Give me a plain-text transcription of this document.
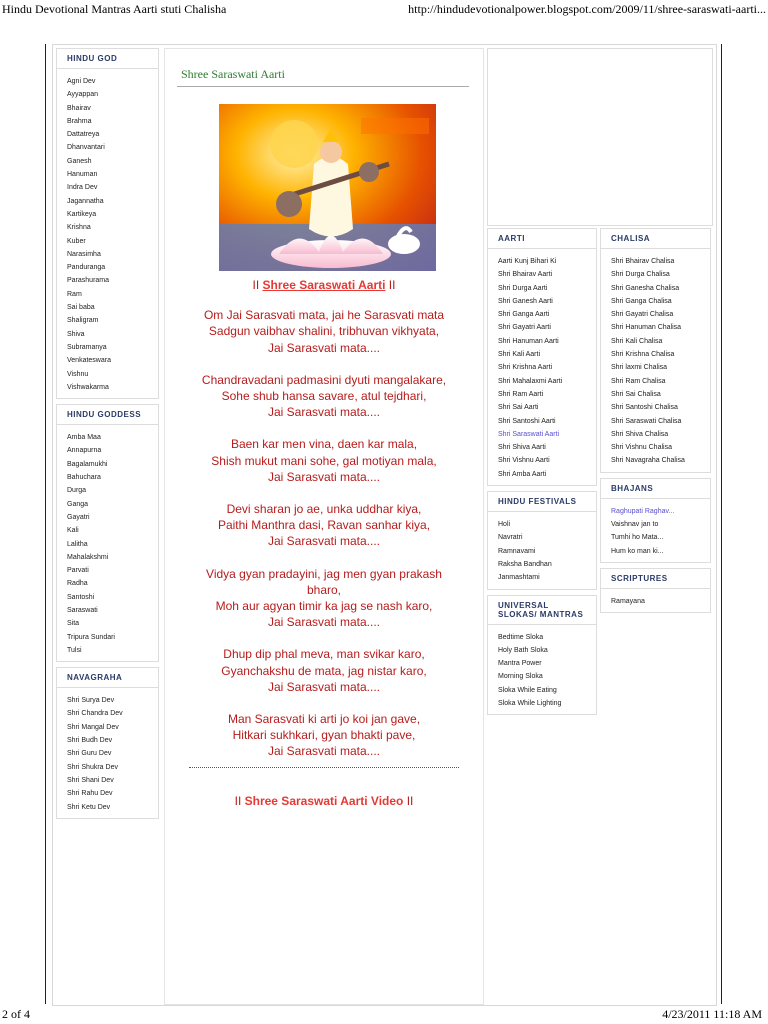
Hindu Devotional Mantras Aarti stuti Chalisha	http://hindudevotionalpower.blogspot.com/2009/11/shree-saraswati-aarti...
HINDU GOD
Agni Dev
Ayyappan
Bhairav
Brahma
Dattatreya
Dhanvantari
Ganesh
Hanuman
Indra Dev
Jagannatha
Kartikeya
Krishna
Kuber
Narasimha
Panduranga
Parashurama
Ram
Sai baba
Shaligram
Shiva
Subramanya
Venkateswara
Vishnu
Vishwakarma
HINDU GODDESS
Amba Maa
Annapurna
Bagalamukhi
Bahuchara
Durga
Ganga
Gayatri
Kali
Lalitha
Mahalakshmi
Parvati
Radha
Santoshi
Saraswati
Sita
Tripura Sundari
Tulsi
NAVAGRAHA
Shri Surya Dev
Shri Chandra Dev
Shri Mangal Dev
Shri Budh Dev
Shri Guru Dev
Shri Shukra Dev
Shri Shani Dev
Shri Rahu Dev
Shri Ketu Dev
Shree Saraswati Aarti
II Shree Saraswati Aarti II

Om Jai Sarasvati mata, jai he Sarasvati mata
Sadgun vaibhav shalini, tribhuvan vikhyata,
Jai Sarasvati mata....

Chandravadani padmasini dyuti mangalakare,
Sohe shub hansa savare, atul tejdhari,
Jai Sarasvati mata....

Baen kar men vina, daen kar mala,
Shish mukut mani sohe, gal motiyan mala,
Jai Sarasvati mata....

Devi sharan jo ae, unka uddhar kiya,
Paithi Manthra dasi, Ravan sanhar kiya,
Jai Sarasvati mata....

Vidya gyan pradayini, jag men gyan prakash bharo,
Moh aur agyan timir ka jag se nash karo,
Jai Sarasvati mata....

Dhup dip phal meva, man svikar karo,
Gyanchakshu de mata, jag nistar karo,
Jai Sarasvati mata....

Man Sarasvati ki arti jo koi jan gave,
Hitkari sukhkari, gyan bhakti pave,
Jai Sarasvati mata....

II Shree Saraswati Aarti Video II
AARTI
Aarti Kunj Bihari Ki
Shri Bhairav Aarti
Shri Durga Aarti
Shri Ganesh Aarti
Shri Ganga Aarti
Shri Gayatri Aarti
Shri Hanuman Aarti
Shri Kali Aarti
Shri Krishna Aarti
Shri Mahalaxmi Aarti
Shri Ram Aarti
Shri Sai Aarti
Shri Santoshi Aarti
Shri Saraswati Aarti
Shri Shiva Aarti
Shri Vishnu Aarti
Shri Amba Aarti
HINDU FESTIVALS
Holi
Navratri
Ramnavami
Raksha Bandhan
Janmashtami
UNIVERSAL SLOKAS/ MANTRAS
Bedtime Sloka
Holy Bath Sloka
Mantra Power
Morning Sloka
Sloka While Eating
Sloka While Lighting
CHALISA
Shri Bhairav Chalisa
Shri Durga Chalisa
Shri Ganesha Chalisa
Shri Ganga Chalisa
Shri Gayatri Chalisa
Shri Hanuman Chalisa
Shri Kali Chalisa
Shri Krishna Chalisa
Shri laxmi Chalisa
Shri Ram Chalisa
Shri Sai Chalisa
Shri Santoshi Chalisa
Shri Saraswati Chalisa
Shri Shiva Chalisa
Shri Vishnu Chalisa
Shri Navagraha Chalisa
BHAJANS
Raghupati Raghav...
Vaishnav jan to
Tumhi ho Mata...
Hum ko man ki...
SCRIPTURES
Ramayana
2 of 4	4/23/2011 11:18 AM
